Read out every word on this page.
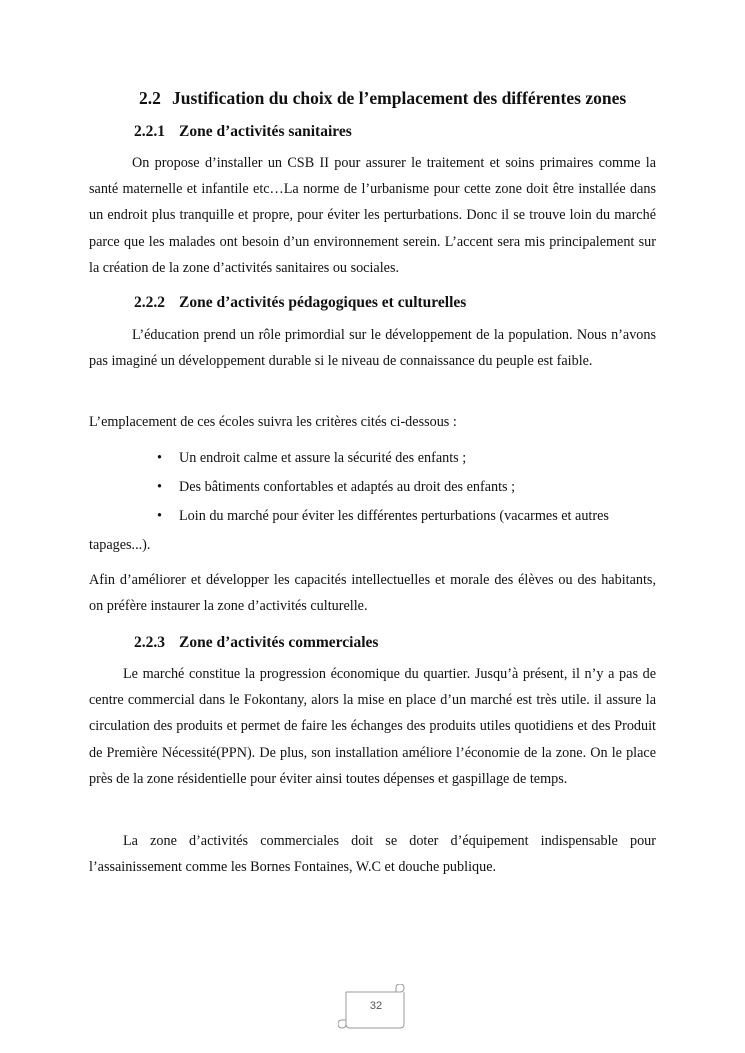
2.2 Justification du choix de l’emplacement des différentes zones
2.2.1 Zone d’activités sanitaires

On propose d’installer un CSB II pour assurer le traitement et soins primaires comme la santé maternelle et infantile etc…La norme de l’urbanisme pour cette zone doit être installée dans un endroit plus tranquille et propre, pour éviter les perturbations. Donc il se trouve loin du marché parce que les malades ont besoin d’un environnement serein. L’accent sera mis principalement sur la création de la zone d’activités sanitaires ou sociales.

2.2.2 Zone d’activités pédagogiques et culturelles

L’éducation prend un rôle primordial sur le développement de la population. Nous n’avons pas imaginé un développement durable si le niveau de connaissance du peuple est faible.

L’emplacement de ces écoles suivra les critères cités ci-dessous :

• Un endroit calme et assure la sécurité des enfants ;
• Des bâtiments confortables et adaptés au droit des enfants ;
• Loin du marché pour éviter les différentes perturbations (vacarmes et autres

tapages...).

Afin d’améliorer et développer les capacités intellectuelles et morale des élèves ou des habitants, on préfère instaurer la zone d’activités culturelle.

2.2.3 Zone d’activités commerciales

Le marché constitue la progression économique du quartier. Jusqu’à présent, il n’y a pas de centre commercial dans le Fokontany, alors la mise en place d’un marché est très utile. il assure la circulation des produits et permet de faire les échanges des produits utiles quotidiens et des Produit de Première Nécessité(PPN). De plus, son installation améliore l’économie de la zone. On le place près de la zone résidentielle pour éviter ainsi toutes dépenses et gaspillage de temps.

La zone d’activités commerciales doit se doter d’équipement indispensable pour l’assainissement comme les Bornes Fontaines, W.C et douche publique.

32
